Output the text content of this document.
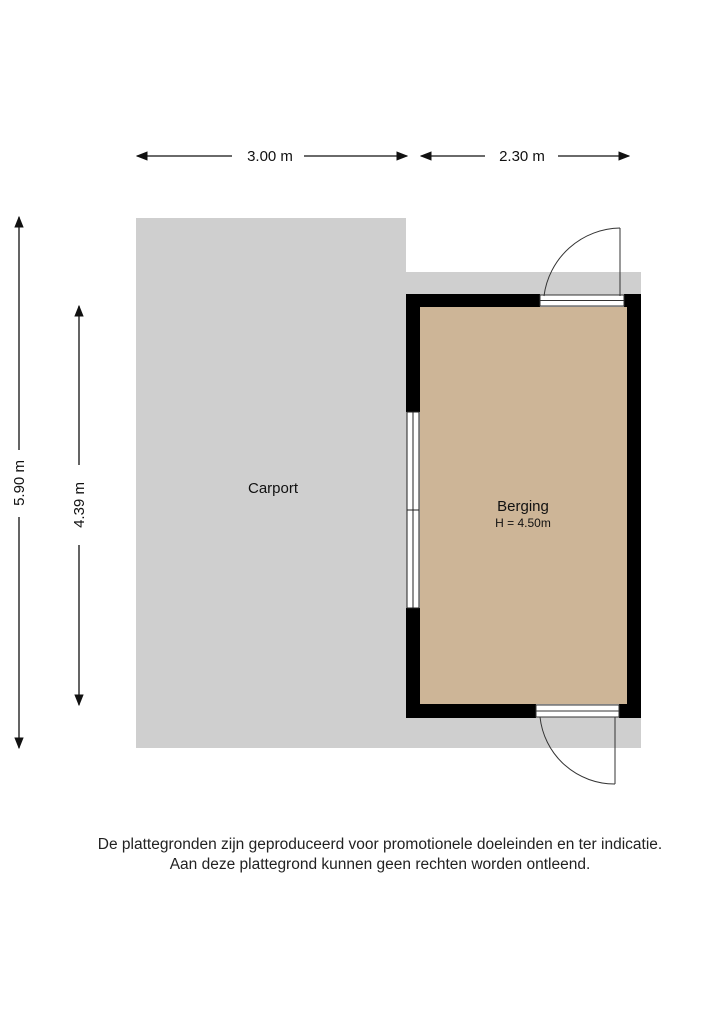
3.00 m	2.30 m
5.90 m	4.39 m	Carport
Berging
H = 4.50m
De plattegronden zijn geproduceerd voor promotionele doeleinden en ter indicatie.
Aan deze plattegrond kunnen geen rechten worden ontleend.
